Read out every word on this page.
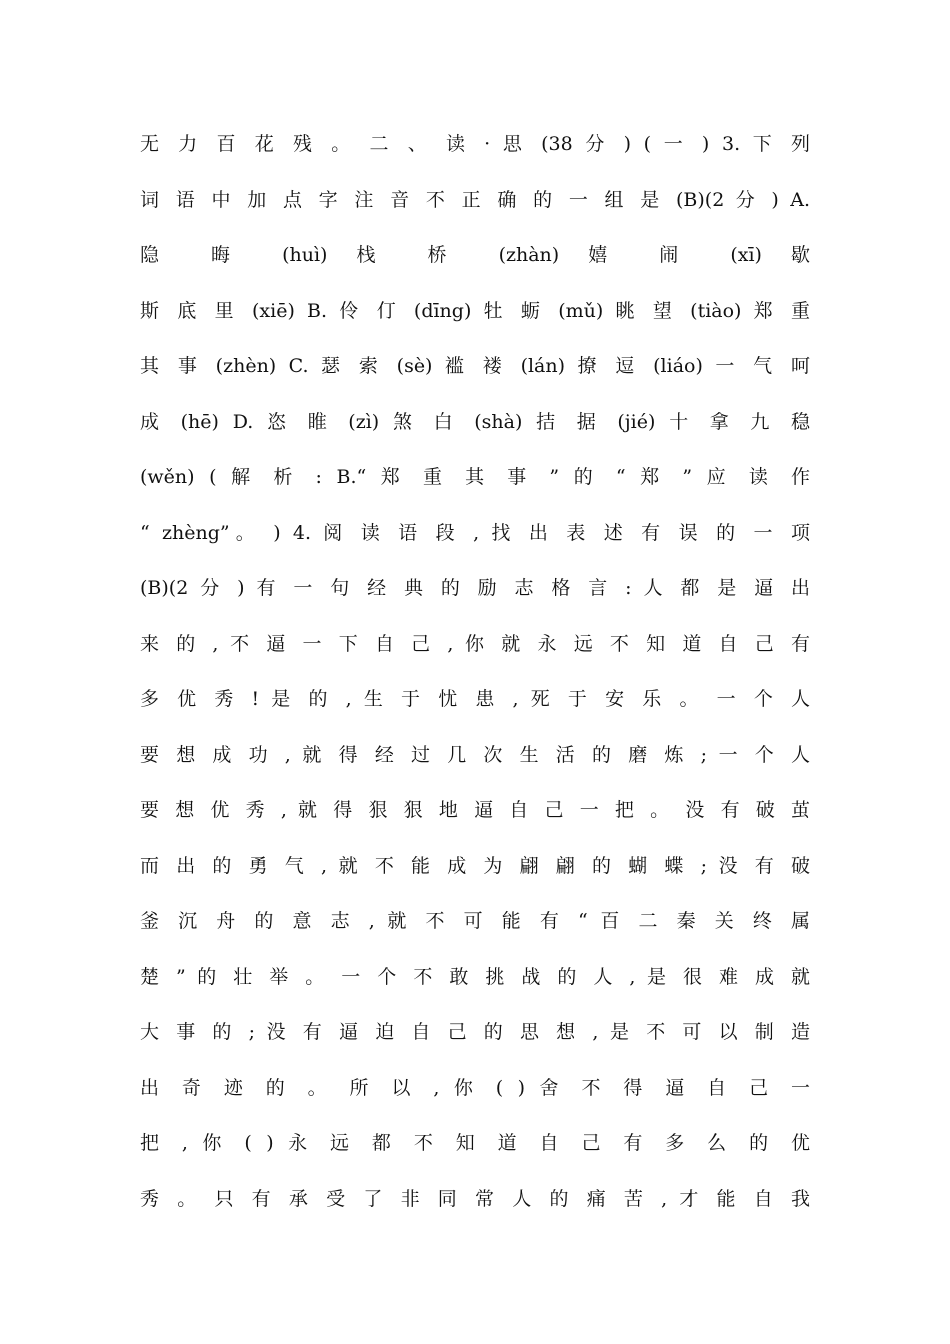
无 力 百 花 残 。 二 、 读 · 思 (38 分 ) ( 一 ) 3. 下 列
词 语 中 加 点 字 注 音 不 正 确 的 一 组 是 (B)(2 分 ) A.
隐 晦 (huì) 栈 桥 (zhàn) 嬉 闹 (xī) 歇
斯 底 里 (xiē) B. 伶 仃 (dīng) 牡 蛎 (mǔ) 眺 望 (tiào) 郑 重
其 事 (zhèn) C. 瑟 索 (sè) 褴 褛 (lán) 撩 逗 (liáo) 一 气 呵
成 (hē) D. 恣 睢 (zì) 煞 白 (shà) 拮 据 (jié) 十 拿 九 稳
(wěn) ( 解 析 : B.“ 郑 重 其 事 ” 的 “ 郑 ” 应 读 作
“ zhèng”。 ) 4. 阅 读 语 段 , 找 出 表 述 有 误 的 一 项
(B)(2 分 ) 有 一 句 经 典 的 励 志 格 言 : 人 都 是 逼 出
来 的 , 不 逼 一 下 自 己 , 你 就 永 远 不 知 道 自 己 有
多 优 秀 ! 是 的 , 生 于 忧 患 , 死 于 安 乐 。 一 个 人
要 想 成 功 , 就 得 经 过 几 次 生 活 的 磨 炼 ; 一 个 人
要 想 优 秀 , 就 得 狠 狠 地 逼 自 己 一 把 。 没 有 破 茧
而 出 的 勇 气 , 就 不 能 成 为 翩 翩 的 蝴 蝶 ; 没 有 破
釜 沉 舟 的 意 志 , 就 不 可 能 有 “ 百 二 秦 关 终 属
楚 ” 的 壮 举 。 一 个 不 敢 挑 战 的 人 , 是 很 难 成 就
大 事 的 ; 没 有 逼 迫 自 己 的 思 想 , 是 不 可 以 制 造
出 奇 迹 的 。 所 以 , 你 ( ) 舍 不 得 逼 自 己 一
把 , 你 ( ) 永 远 都 不 知 道 自 己 有 多 么 的 优
秀 。 只 有 承 受 了 非 同 常 人 的 痛 苦 , 才 能 自 我
